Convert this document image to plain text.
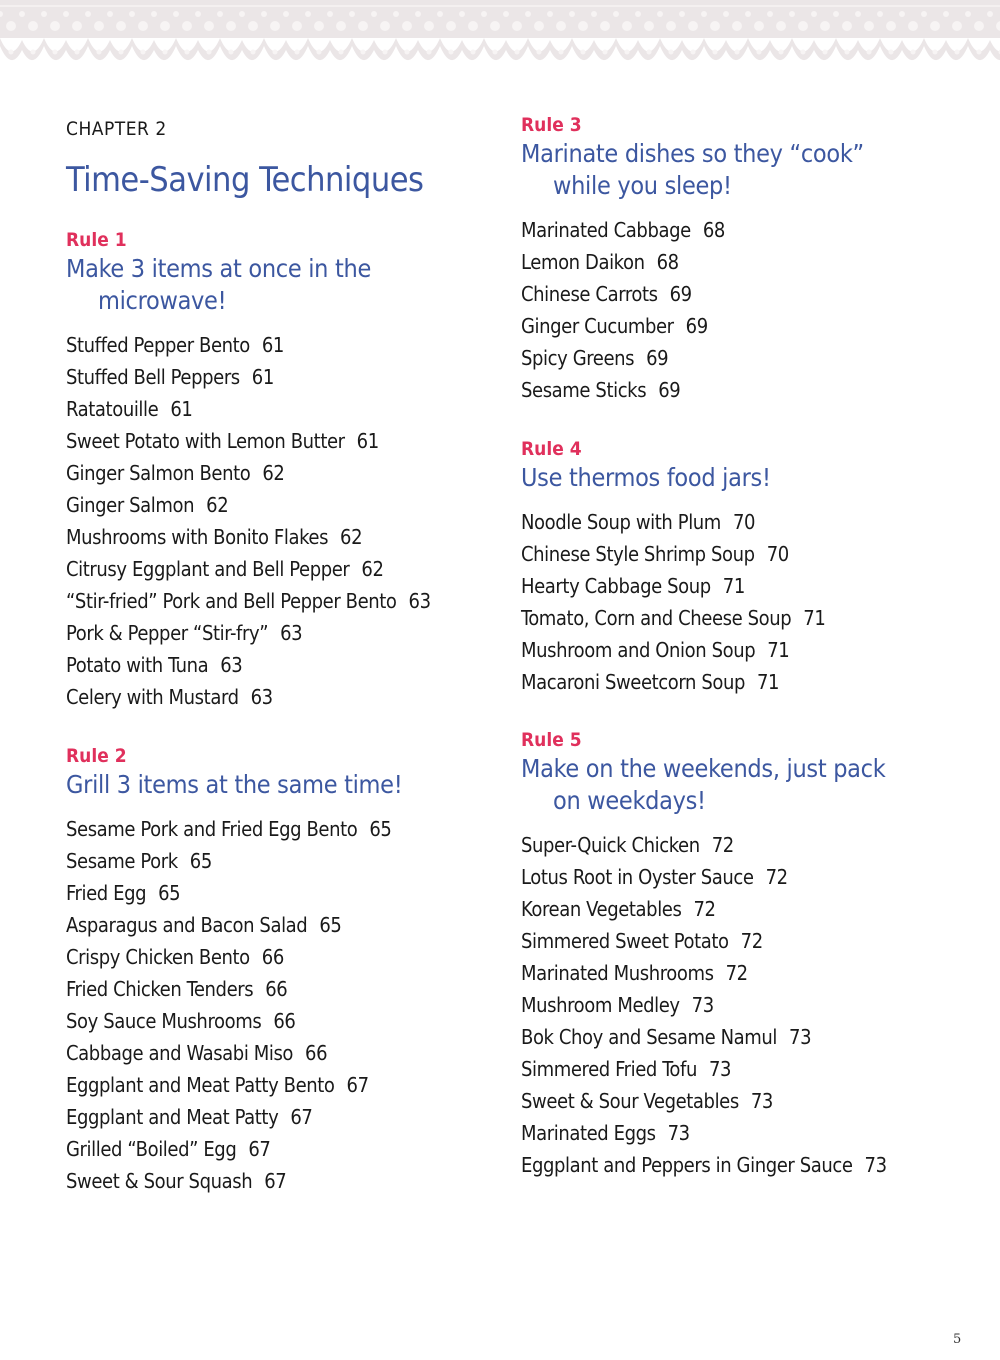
CHAPTER 2
Time-Saving Techniques
Rule 1
Make 3 items at once in the
microwave!
Stuffed Pepper Bento 61
Stuffed Bell Peppers 61
Ratatouille 61
Sweet Potato with Lemon Butter 61
Ginger Salmon Bento 62
Ginger Salmon 62
Mushrooms with Bonito Flakes 62
Citrusy Eggplant and Bell Pepper 62
“Stir-fried” Pork and Bell Pepper Bento 63
Pork & Pepper “Stir-fry” 63
Potato with Tuna 63
Celery with Mustard 63
Rule 2
Grill 3 items at the same time!
Sesame Pork and Fried Egg Bento 65
Sesame Pork 65
Fried Egg 65
Asparagus and Bacon Salad 65
Crispy Chicken Bento 66
Fried Chicken Tenders 66
Soy Sauce Mushrooms 66
Cabbage and Wasabi Miso 66
Eggplant and Meat Patty Bento 67
Eggplant and Meat Patty 67
Grilled “Boiled” Egg 67
Sweet & Sour Squash 67
Rule 3
Marinate dishes so they “cook”
while you sleep!
Marinated Cabbage 68
Lemon Daikon 68
Chinese Carrots 69
Ginger Cucumber 69
Spicy Greens 69
Sesame Sticks 69
Rule 4
Use thermos food jars!
Noodle Soup with Plum 70
Chinese Style Shrimp Soup 70
Hearty Cabbage Soup 71
Tomato, Corn and Cheese Soup 71
Mushroom and Onion Soup 71
Macaroni Sweetcorn Soup 71
Rule 5
Make on the weekends, just pack
on weekdays!
Super-Quick Chicken 72
Lotus Root in Oyster Sauce 72
Korean Vegetables 72
Simmered Sweet Potato 72
Marinated Mushrooms 72
Mushroom Medley 73
Bok Choy and Sesame Namul 73
Simmered Fried Tofu 73
Sweet & Sour Vegetables 73
Marinated Eggs 73
Eggplant and Peppers in Ginger Sauce 73
5
